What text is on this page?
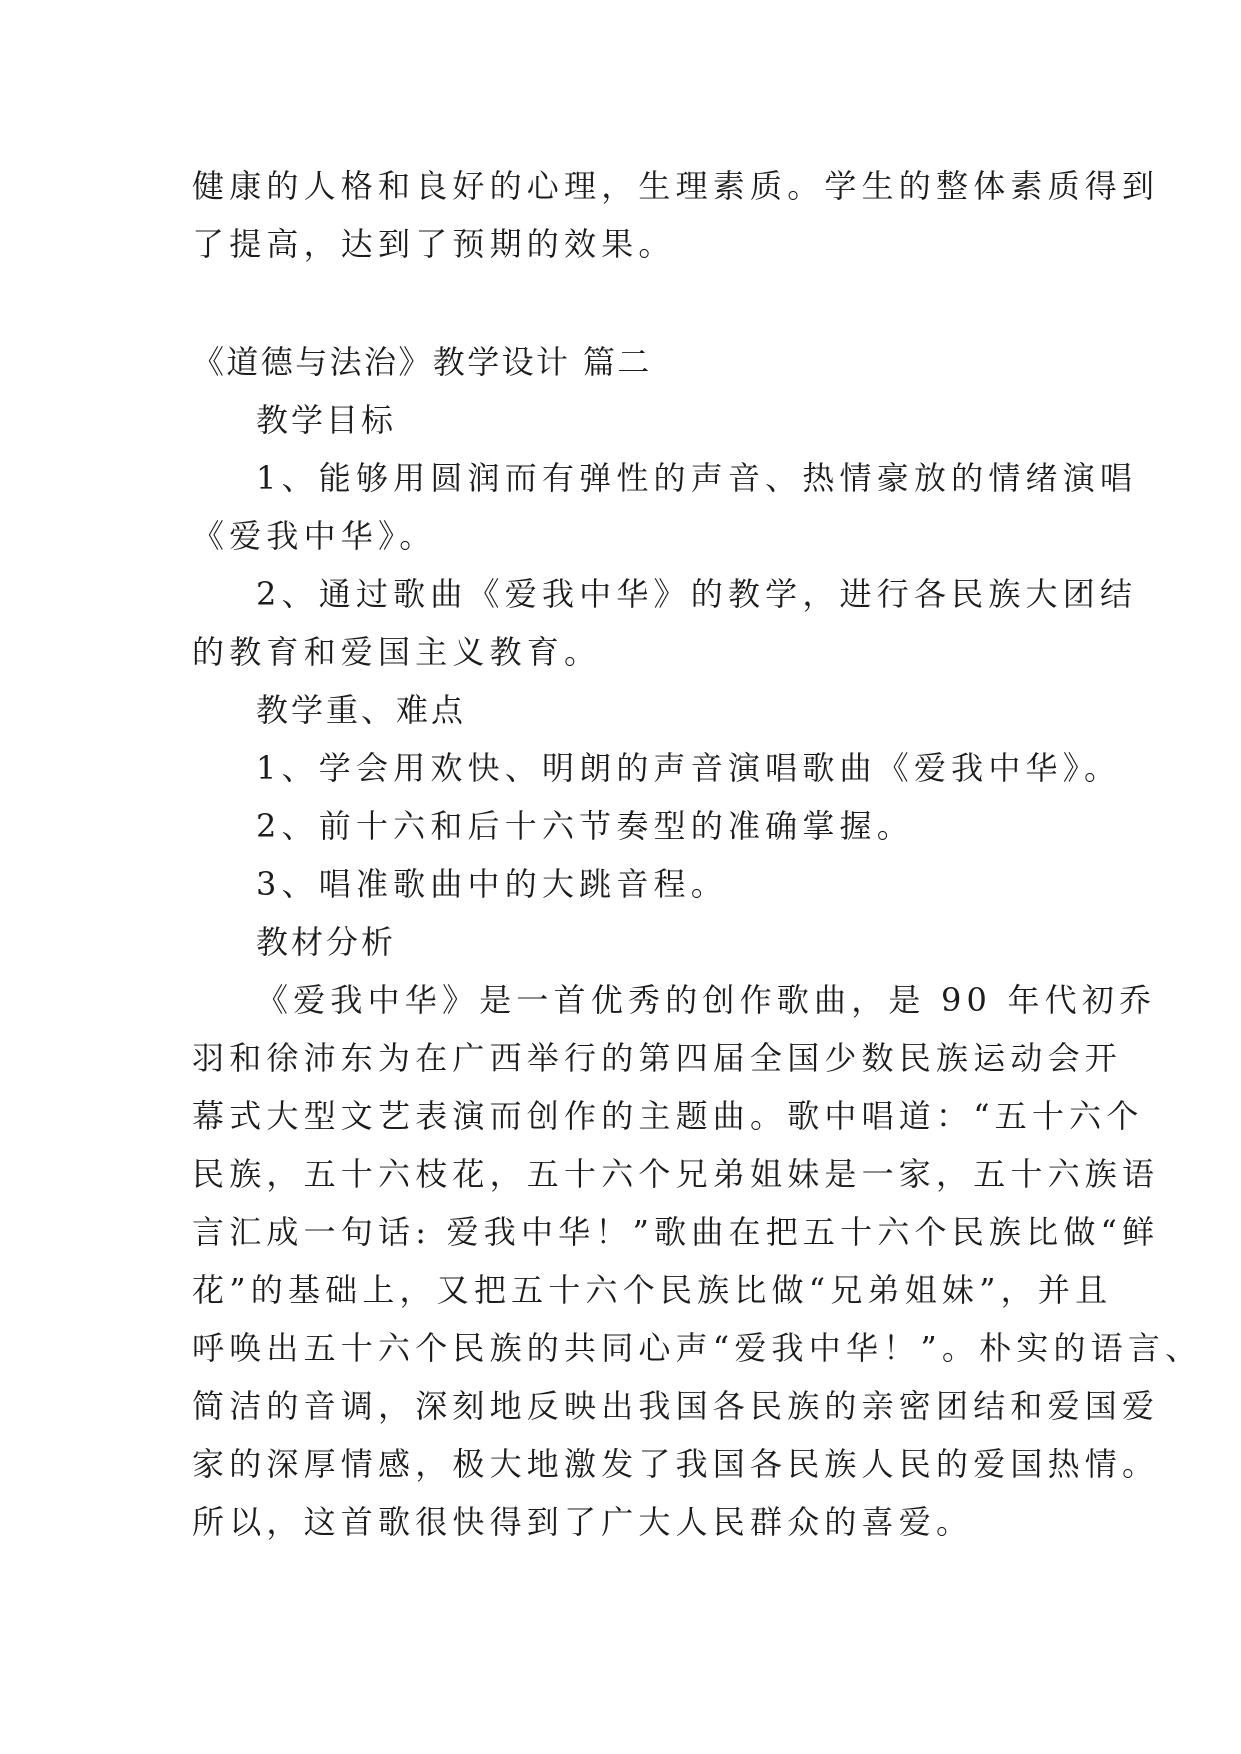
健康的人格和良好的心理，生理素质。学生的整体素质得到

了提高，达到了预期的效果。

《道德与法治》教学设计 篇二

教学目标

1、能够用圆润而有弹性的声音、热情豪放的情绪演唱

《爱我中华》。

2、通过歌曲《爱我中华》的教学，进行各民族大团结

的教育和爱国主义教育。

教学重、难点

1、学会用欢快、明朗的声音演唱歌曲《爱我中华》。

2、前十六和后十六节奏型的准确掌握。

3、唱准歌曲中的大跳音程。

教材分析

《爱我中华》是一首优秀的创作歌曲，是 90 年代初乔

羽和徐沛东为在广西举行的第四届全国少数民族运动会开

幕式大型文艺表演而创作的主题曲。歌中唱道：“五十六个

民族，五十六枝花，五十六个兄弟姐妹是一家，五十六族语

言汇成一句话: 爱我中华！”歌曲在把五十六个民族比做“鲜

花”的基础上，又把五十六个民族比做“兄弟姐妹”，并且

呼唤出五十六个民族的共同心声“爱我中华！”。朴实的语言、

简洁的音调，深刻地反映出我国各民族的亲密团结和爱国爱

家的深厚情感，极大地激发了我国各民族人民的爱国热情。

所以，这首歌很快得到了广大人民群众的喜爱。
